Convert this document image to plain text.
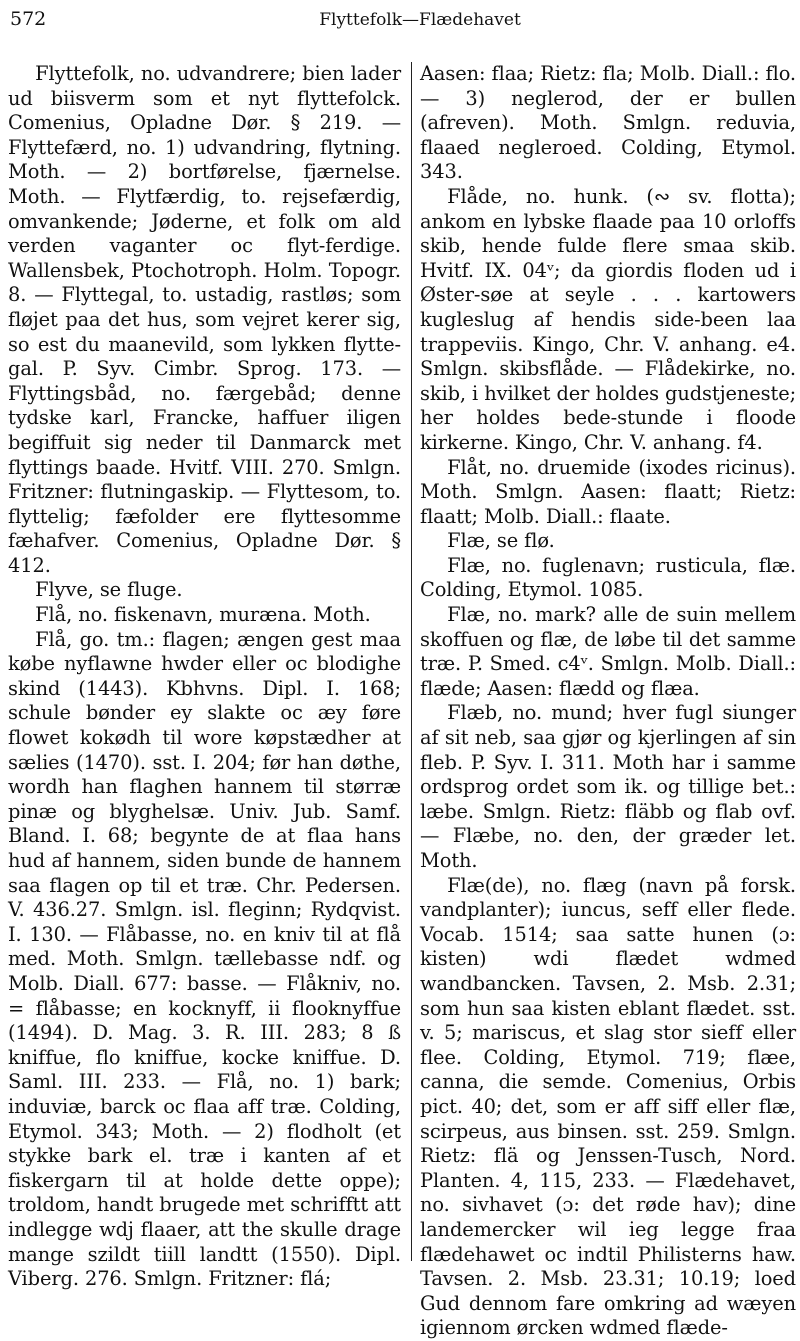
572	Flyttefolk—Flædehavet

Flyttefolk, no. udvandrere; bien lader ud biisverm som et nyt flyttefolck. Comenius, Opladne Dør. § 219. — Flyttefærd, no. 1) udvandring, flytning. Moth. — 2) bortførelse, fjærnelse. Moth. — Flytfærdig, to. rejsefærdig, omvankende; Jøderne, et folk om ald verden vaganter oc flyt-ferdige. Wallensbek, Ptochotroph. Holm. Topogr. 8. — Flyttegal, to. ustadig, rastløs; som fløjet paa det hus, som vejret kerer sig, so est du maanevild, som lykken flytte-gal. P. Syv. Cimbr. Sprog. 173. — Flyttingsbåd, no. færgebåd; denne tydske karl, Francke, haffuer iligen begiffuit sig neder til Danmarck met flyttings baade. Hvitf. VIII. 270. Smlgn. Fritzner: flutningaskip. — Flyttesom, to. flyttelig; fæfolder ere flyttesomme fæhafver. Comenius, Opladne Dør. § 412.

Flyve, se fluge.

Flå, no. fiskenavn, muræna. Moth.

Flå, go. tm.: flagen; ængen gest maa købe nyflawne hwder eller oc blodighe skind (1443). Kbhvns. Dipl. I. 168; schule bønder ey slakte oc æy føre flowet kokødh til wore køpstædher at sælies (1470). sst. I. 204; før han døthe, wordh han flaghen hannem til størræ pinæ og blyghelsæ. Univ. Jub. Samf. Bland. I. 68; begynte de at flaa hans hud af hannem, siden bunde de hannem saa flagen op til et træ. Chr. Pedersen. V. 436.27. Smlgn. isl. fleginn; Rydqvist. I. 130. — Flåbasse, no. en kniv til at flå med. Moth. Smlgn. tællebasse ndf. og Molb. Diall. 677: basse. — Flåkniv, no. = flåbasse; en kocknyff, ii flooknyffue (1494). D. Mag. 3. R. III. 283; 8 ß kniffue, flo kniffue, kocke kniffue. D. Saml. III. 233. — Flå, no. 1) bark; induviæ, barck oc flaa aff træ. Colding, Etymol. 343; Moth. — 2) flodholt (et stykke bark el. træ i kanten af et fiskergarn til at holde dette oppe); troldom, handt brugede met schrifftt att indlegge wdj flaaer, att the skulle drage mange szildt tiill landtt (1550). Dipl. Viberg. 276. Smlgn. Fritzner: flá;

Aasen: flaa; Rietz: fla; Molb. Diall.: flo. — 3) neglerod, der er bullen (afreven). Moth. Smlgn. reduvia, flaaed negleroed. Colding, Etymol. 343.

Flåde, no. hunk. (∾ sv. flotta); ankom en lybske flaade paa 10 orloffs skib, hende fulde flere smaa skib. Hvitf. IX. 04ᵛ; da giordis floden ud i Øster-søe at seyle . . . kartowers kugleslug af hendis side-been laa trappeviis. Kingo, Chr. V. anhang. e4. Smlgn. skibsflåde. — Flådekirke, no. skib, i hvilket der holdes gudstjeneste; her holdes bede-stunde i floode kirkerne. Kingo, Chr. V. anhang. f4.

Flåt, no. druemide (ixodes ricinus). Moth. Smlgn. Aasen: flaatt; Rietz: flaatt; Molb. Diall.: flaate.

Flæ, se flø.

Flæ, no. fuglenavn; rusticula, flæ. Colding, Etymol. 1085.

Flæ, no. mark? alle de suin mellem skoffuen og flæ, de løbe til det samme træ. P. Smed. c4ᵛ. Smlgn. Molb. Diall.: flæde; Aasen: flædd og flæa.

Flæb, no. mund; hver fugl siunger af sit neb, saa gjør og kjerlingen af sin fleb. P. Syv. I. 311. Moth har i samme ordsprog ordet som ik. og tillige bet.: læbe. Smlgn. Rietz: fläbb og flab ovf. — Flæbe, no. den, der græder let. Moth.

Flæ(de), no. flæg (navn på forsk. vandplanter); iuncus, seff eller flede. Vocab. 1514; saa satte hunen (ɔ: kisten) wdi flædet wdmed wandbancken. Tavsen, 2. Msb. 2.31; som hun saa kisten eblant flædet. sst. v. 5; mariscus, et slag stor sieff eller flee. Colding, Etymol. 719; flæe, canna, die semde. Comenius, Orbis pict. 40; det, som er aff siff eller flæ, scirpeus, aus binsen. sst. 259. Smlgn. Rietz: flä og Jenssen-Tusch, Nord. Planten. 4, 115, 233. — Flædehavet, no. sivhavet (ɔ: det røde hav); dine landemercker wil ieg legge fraa flædehawet oc indtil Philisterns haw. Tavsen. 2. Msb. 23.31; 10.19; loed Gud dennom fare omkring ad wæyen igiennom ørcken wdmed flæde-
